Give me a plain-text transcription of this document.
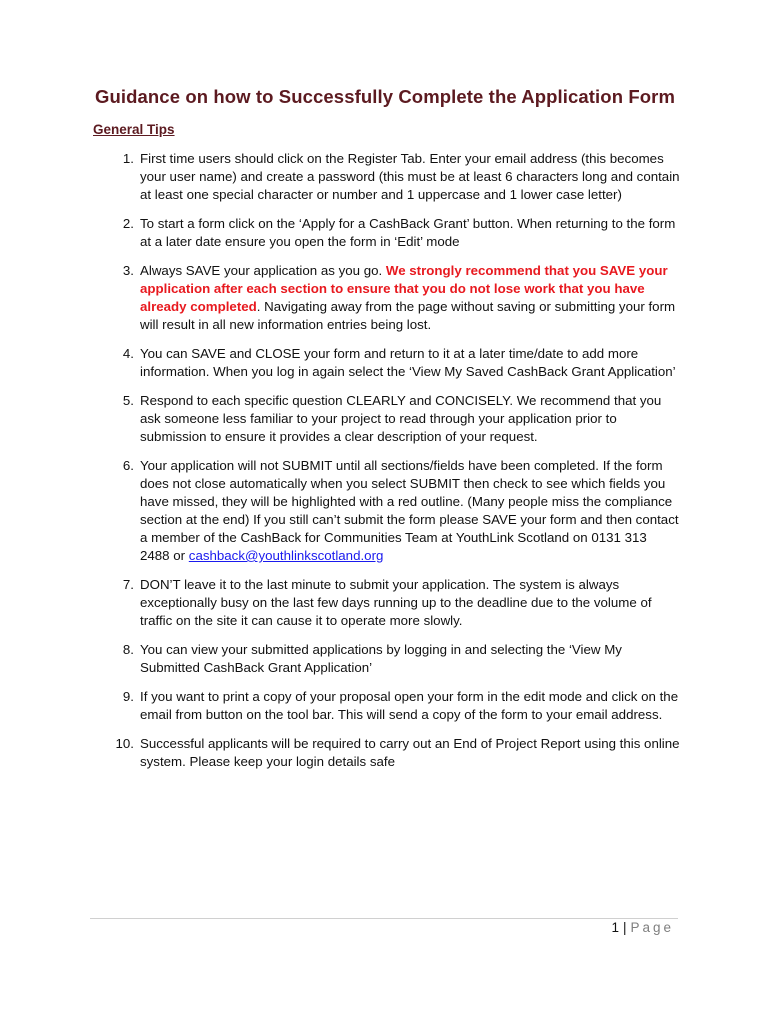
Guidance on how to Successfully Complete the Application Form
General Tips
1. First time users should click on the Register Tab. Enter your email address (this becomes your user name) and create a password (this must be at least 6 characters long and contain at least one special character or number and 1 uppercase and 1 lower case letter)
2. To start a form click on the ‘Apply for a CashBack Grant’ button. When returning to the form at a later date ensure you open the form in ‘Edit’ mode
3. Always SAVE your application as you go. We strongly recommend that you SAVE your application after each section to ensure that you do not lose work that you have already completed. Navigating away from the page without saving or submitting your form will result in all new information entries being lost.
4. You can SAVE and CLOSE your form and return to it at a later time/date to add more information. When you log in again select the ‘View My Saved CashBack Grant Application’
5. Respond to each specific question CLEARLY and CONCISELY. We recommend that you ask someone less familiar to your project to read through your application prior to submission to ensure it provides a clear description of your request.
6. Your application will not SUBMIT until all sections/fields have been completed. If the form does not close automatically when you select SUBMIT then check to see which fields you have missed, they will be highlighted with a red outline. (Many people miss the compliance section at the end) If you still can’t submit the form please SAVE your form and then contact a member of the CashBack for Communities Team at YouthLink Scotland on 0131 313 2488 or cashback@youthlinkscotland.org
7. DON’T leave it to the last minute to submit your application. The system is always exceptionally busy on the last few days running up to the deadline due to the volume of traffic on the site it can cause it to operate more slowly.
8. You can view your submitted applications by logging in and selecting the ‘View My Submitted CashBack Grant Application’
9. If you want to print a copy of your proposal open your form in the edit mode and click on the email from button on the tool bar. This will send a copy of the form to your email address.
10. Successful applicants will be required to carry out an End of Project Report using this online system. Please keep your login details safe
1 | Page
